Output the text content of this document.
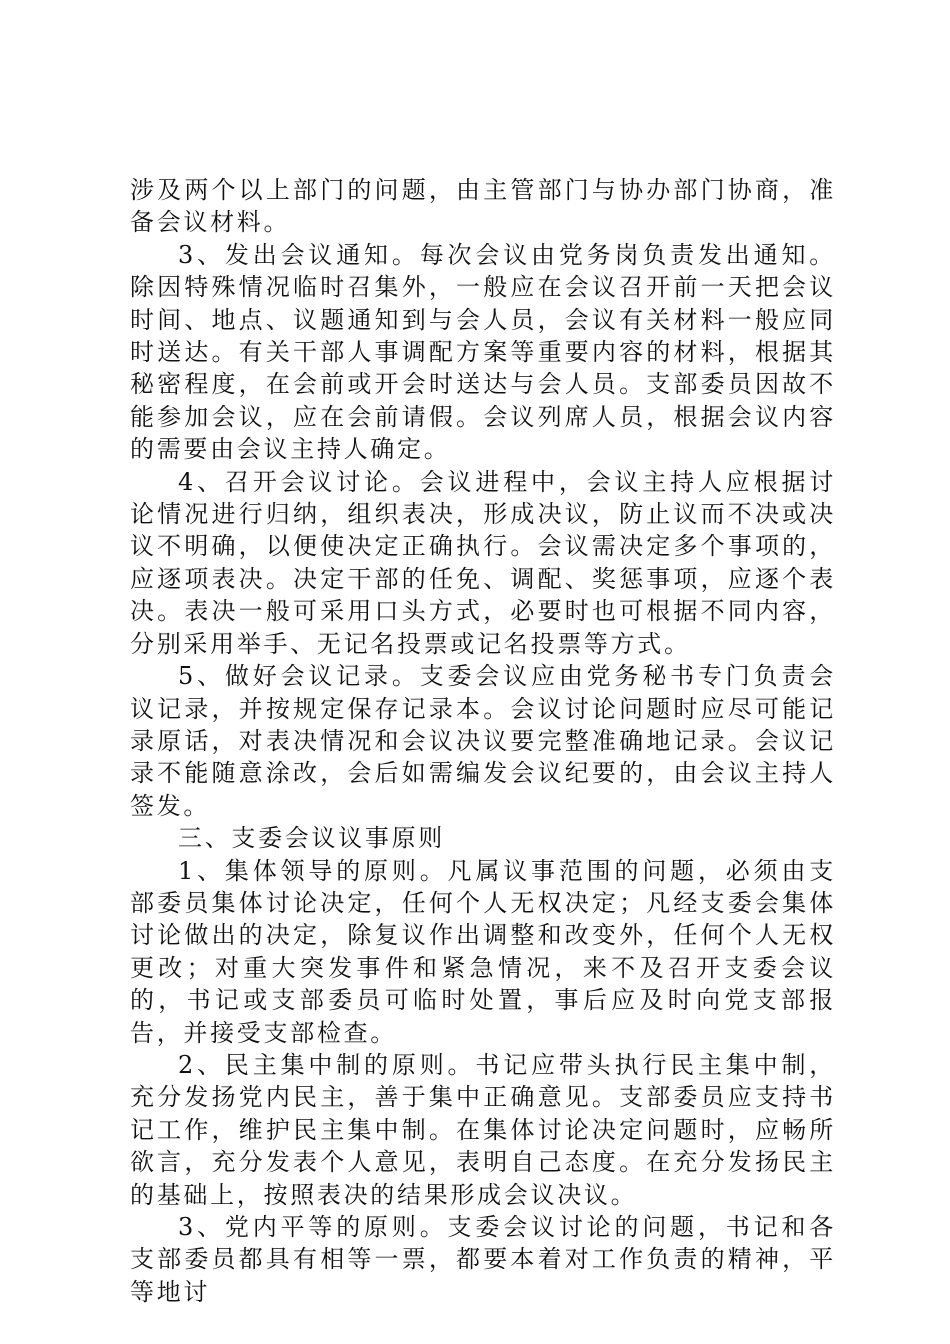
涉及两个以上部门的问题，由主管部门与协办部门协商，准备会议材料。

3、发出会议通知。每次会议由党务岗负责发出通知。除因特殊情况临时召集外，一般应在会议召开前一天把会议时间、地点、议题通知到与会人员，会议有关材料一般应同时送达。有关干部人事调配方案等重要内容的材料，根据其秘密程度，在会前或开会时送达与会人员。支部委员因故不能参加会议，应在会前请假。会议列席人员，根据会议内容的需要由会议主持人确定。

4、召开会议讨论。会议进程中，会议主持人应根据讨论情况进行归纳，组织表决，形成决议，防止议而不决或决议不明确，以便使决定正确执行。会议需决定多个事项的，应逐项表决。决定干部的任免、调配、奖惩事项，应逐个表决。表决一般可采用口头方式，必要时也可根据不同内容，分别采用举手、无记名投票或记名投票等方式。

5、做好会议记录。支委会议应由党务秘书专门负责会议记录，并按规定保存记录本。会议讨论问题时应尽可能记录原话，对表决情况和会议决议要完整准确地记录。会议记录不能随意涂改，会后如需编发会议纪要的，由会议主持人签发。

三、支委会议议事原则

1、集体领导的原则。凡属议事范围的问题，必须由支部委员集体讨论决定，任何个人无权决定；凡经支委会集体讨论做出的决定，除复议作出调整和改变外，任何个人无权更改；对重大突发事件和紧急情况，来不及召开支委会议的，书记或支部委员可临时处置，事后应及时向党支部报告，并接受支部检查。

2、民主集中制的原则。书记应带头执行民主集中制，充分发扬党内民主，善于集中正确意见。支部委员应支持书记工作，维护民主集中制。在集体讨论决定问题时，应畅所欲言，充分发表个人意见，表明自己态度。在充分发扬民主的基础上，按照表决的结果形成会议决议。

3、党内平等的原则。支委会议讨论的问题，书记和各支部委员都具有相等一票，都要本着对工作负责的精神，平等地讨
